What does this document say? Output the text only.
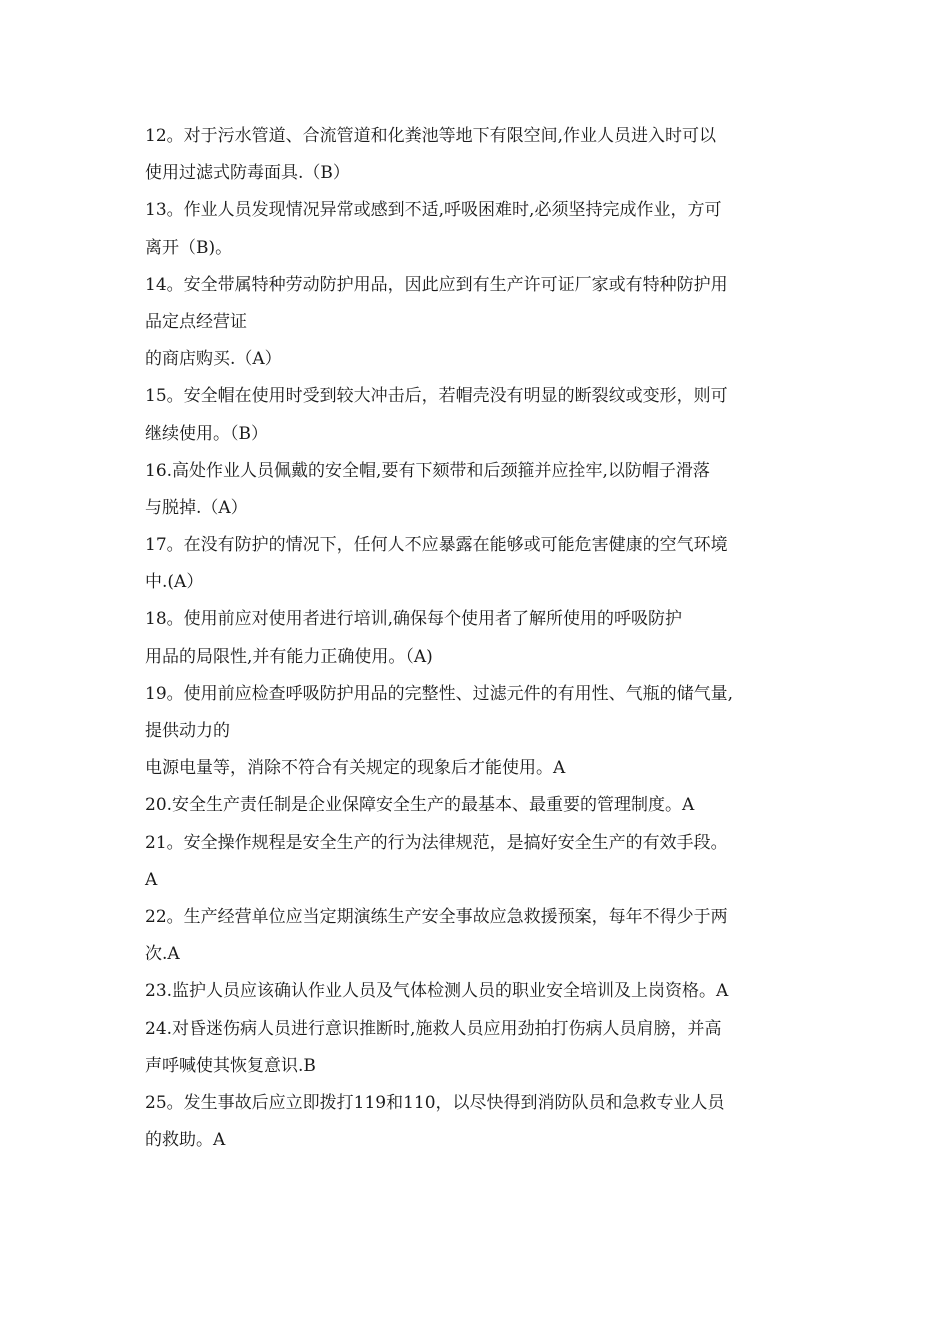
12。对于污水管道、合流管道和化粪池等地下有限空间,作业人员进入时可以
使用过滤式防毒面具.（B）
13。作业人员发现情况异常或感到不适,呼吸困难时,必须坚持完成作业，方可
离开（B)。
14。安全带属特种劳动防护用品，因此应到有生产许可证厂家或有特种防护用
品定点经营证
的商店购买.（A）
15。安全帽在使用时受到较大冲击后，若帽壳没有明显的断裂纹或变形，则可
继续使用。（B）
16.高处作业人员佩戴的安全帽,要有下颏带和后颈箍并应拴牢,以防帽子滑落
与脱掉.（A）
17。在没有防护的情况下，任何人不应暴露在能够或可能危害健康的空气环境
中.(A）
18。使用前应对使用者进行培训,确保每个使用者了解所使用的呼吸防护
用品的局限性,并有能力正确使用。（A)
19。使用前应检查呼吸防护用品的完整性、过滤元件的有用性、气瓶的储气量,
提供动力的
电源电量等，消除不符合有关规定的现象后才能使用。A
20.安全生产责任制是企业保障安全生产的最基本、最重要的管理制度。A
21。安全操作规程是安全生产的行为法律规范，是搞好安全生产的有效手段。
A
22。生产经营单位应当定期演练生产安全事故应急救援预案，每年不得少于两
次.A
23.监护人员应该确认作业人员及气体检测人员的职业安全培训及上岗资格。A
24.对昏迷伤病人员进行意识推断时,施救人员应用劲拍打伤病人员肩膀，并高
声呼喊使其恢复意识.B
25。发生事故后应立即拨打119和110，以尽快得到消防队员和急救专业人员
的救助。A
